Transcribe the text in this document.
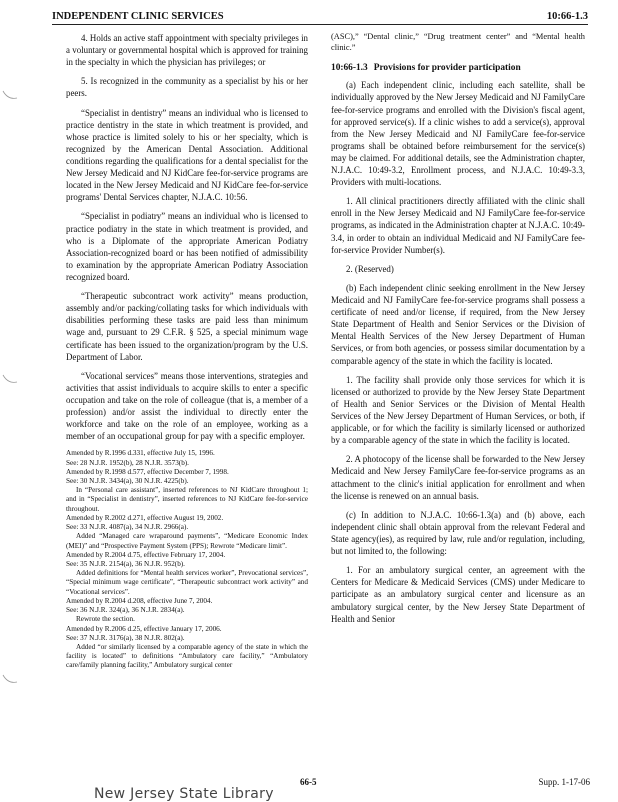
INDEPENDENT CLINIC SERVICES	10:66-1.3

4. Holds an active staff appointment with specialty privileges in a voluntary or governmental hospital which is approved for training in the specialty in which the physician has privileges; or

5. Is recognized in the community as a specialist by his or her peers.

“Specialist in dentistry” means an individual who is licensed to practice dentistry in the state in which treatment is provided, and whose practice is limited solely to his or her specialty, which is recognized by the American Dental Association. Additional conditions regarding the qualifications for a dental specialist for the New Jersey Medicaid and NJ KidCare fee-for-service programs are located in the New Jersey Medicaid and NJ KidCare fee-for-service programs' Dental Services chapter, N.J.A.C. 10:56.

“Specialist in podiatry” means an individual who is licensed to practice podiatry in the state in which treatment is provided, and who is a Diplomate of the appropriate American Podiatry Association-recognized board or has been notified of admissibility to examination by the appropriate American Podiatry Association recognized board.

“Therapeutic subcontract work activity” means production, assembly and/or packing/collating tasks for which individuals with disabilities performing these tasks are paid less than minimum wage and, pursuant to 29 C.F.R. § 525, a special minimum wage certificate has been issued to the organization/program by the U.S. Department of Labor.

“Vocational services” means those interventions, strategies and activities that assist individuals to acquire skills to enter a specific occupation and take on the role of colleague (that is, a member of a profession) and/or assist the individual to directly enter the workforce and take on the role of an employee, working as a member of an occupational group for pay with a specific employer.

Amended by R.1996 d.331, effective July 15, 1996.

See: 28 N.J.R. 1952(b), 28 N.J.R. 3573(b).

Amended by R.1998 d.577, effective December 7, 1998.

See: 30 N.J.R. 3434(a), 30 N.J.R. 4225(b).

In “Personal care assistant”, inserted references to NJ KidCare throughout 1; and in “Specialist in dentistry”, inserted references to NJ KidCare fee-for-service throughout.

Amended by R.2002 d.271, effective August 19, 2002.

See: 33 N.J.R. 4087(a), 34 N.J.R. 2966(a).

Added “Managed care wraparound payments”, “Medicare Economic Index (MEI)” and “Prospective Payment System (PPS); Rewrote “Medicare limit”.

Amended by R.2004 d.75, effective February 17, 2004.

See: 35 N.J.R. 2154(a), 36 N.J.R. 952(b).

Added definitions for “Mental health services worker”, Prevocational services”, “Special minimum wage certificate”, “Therapeutic subcontract work activity” and “Vocational services”.

Amended by R.2004 d.208, effective June 7, 2004.

See: 36 N.J.R. 324(a), 36 N.J.R. 2834(a).

Rewrote the section.

Amended by R.2006 d.25, effective January 17, 2006.

See: 37 N.J.R. 3176(a), 38 N.J.R. 802(a).

Added “or similarly licensed by a comparable agency of the state in which the facility is located” to definitions “Ambulatory care facility,” “Ambulatory care/family planning facility,” Ambulatory surgical center

(ASC),” “Dental clinic,” “Drug treatment center” and “Mental health clinic.”

10:66-1.3 Provisions for provider participation

(a) Each independent clinic, including each satellite, shall be individually approved by the New Jersey Medicaid and NJ FamilyCare fee-for-service programs and enrolled with the Division's fiscal agent, for approved service(s). If a clinic wishes to add a service(s), approval from the New Jersey Medicaid and NJ FamilyCare fee-for-service programs shall be obtained before reimbursement for the service(s) may be claimed. For additional details, see the Administration chapter, N.J.A.C. 10:49-3.2, Enrollment process, and N.J.A.C. 10:49-3.3, Providers with multi-locations.

1. All clinical practitioners directly affiliated with the clinic shall enroll in the New Jersey Medicaid and NJ FamilyCare fee-for-service programs, as indicated in the Administration chapter at N.J.A.C. 10:49-3.4, in order to obtain an individual Medicaid and NJ FamilyCare fee-for-service Provider Number(s).

2. (Reserved)

(b) Each independent clinic seeking enrollment in the New Jersey Medicaid and NJ FamilyCare fee-for-service programs shall possess a certificate of need and/or license, if required, from the New Jersey State Department of Health and Senior Services or the Division of Mental Health Services of the New Jersey Department of Human Services, or from both agencies, or possess similar documentation by a comparable agency of the state in which the facility is located.

1. The facility shall provide only those services for which it is licensed or authorized to provide by the New Jersey State Department of Health and Senior Services or the Division of Mental Health Services of the New Jersey Department of Human Services, or both, if applicable, or for which the facility is similarly licensed or authorized by a comparable agency of the state in which the facility is located.

2. A photocopy of the license shall be forwarded to the New Jersey Medicaid and New Jersey FamilyCare fee-for-service programs as an attachment to the clinic's initial application for enrollment and when the license is renewed on an annual basis.

(c) In addition to N.J.A.C. 10:66-1.3(a) and (b) above, each independent clinic shall obtain approval from the relevant Federal and State agency(ies), as required by law, rule and/or regulation, including, but not limited to, the following:

1. For an ambulatory surgical center, an agreement with the Centers for Medicare & Medicaid Services (CMS) under Medicare to participate as an ambulatory surgical center and licensure as an ambulatory surgical center, by the New Jersey State Department of Health and Senior

66-5	Supp. 1-17-06
New Jersey State Library
